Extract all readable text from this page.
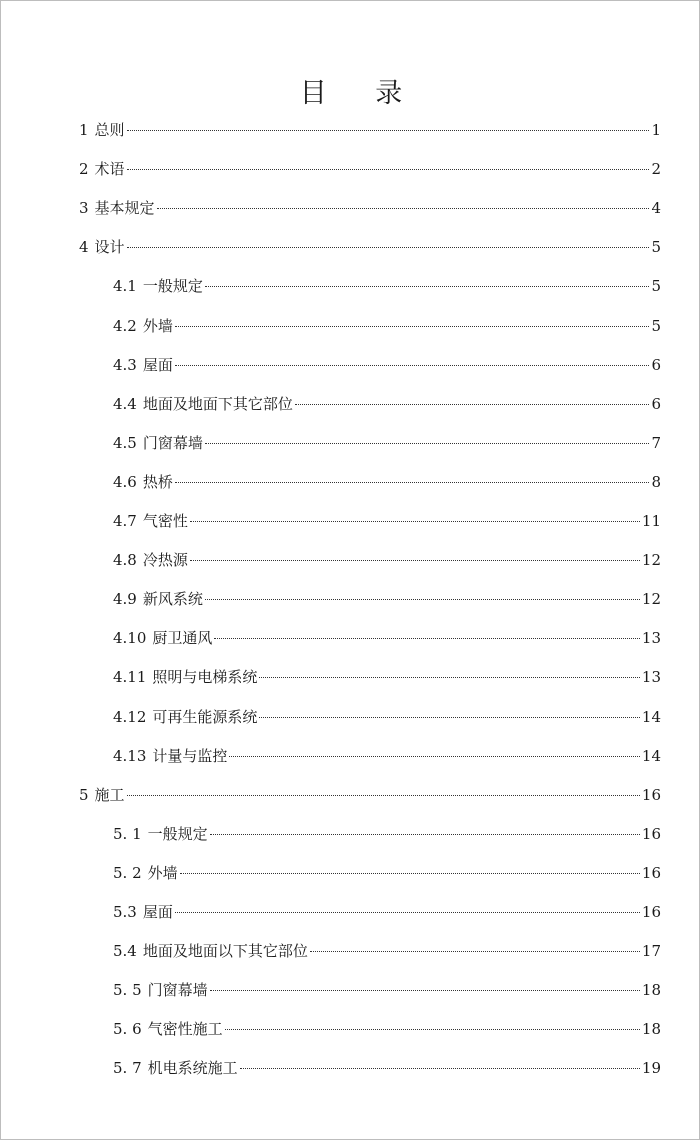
目 录
1 总则	1
2 术语	2
3 基本规定	4
4 设计	5
4.1 一般规定	5
4.2 外墙	5
4.3 屋面	6
4.4 地面及地面下其它部位	6
4.5 门窗幕墙	7
4.6 热桥	8
4.7 气密性	11
4.8 冷热源	12
4.9 新风系统	12
4.10 厨卫通风	13
4.11 照明与电梯系统	13
4.12 可再生能源系统	14
4.13 计量与监控	14
5 施工	16
5. 1 一般规定	16
5. 2 外墙	16
5.3 屋面	16
5.4 地面及地面以下其它部位	17
5. 5 门窗幕墙	18
5. 6 气密性施工	18
5. 7 机电系统施工	19
